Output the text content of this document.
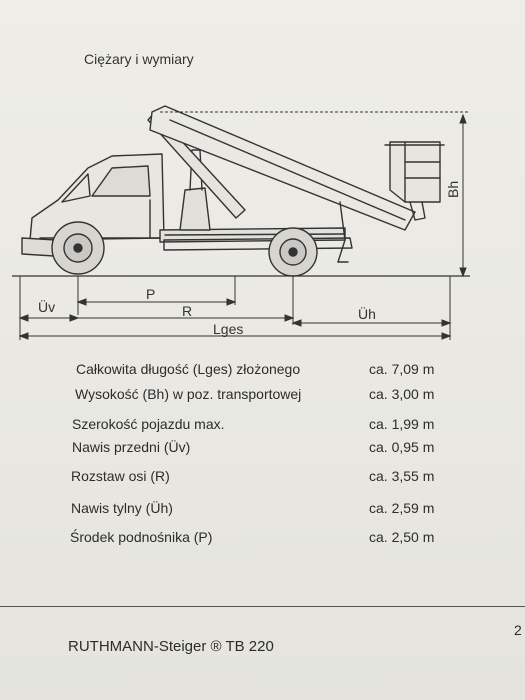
Ciężary i wymiary
Bh
P
Üv	R	Üh
Lges
Całkowita długość (Lges) złożonego	ca. 7,09 m
Wysokość (Bh) w poz. transportowej	ca. 3,00 m
Szerokość pojazdu max.	ca. 1,99 m
Nawis przedni (Üv)	ca. 0,95 m
Rozstaw osi (R)	ca. 3,55 m
Nawis tylny (Üh)	ca. 2,59 m
Środek podnośnika (P)	ca. 2,50 m
RUTHMANN-Steiger ® TB 220
2
